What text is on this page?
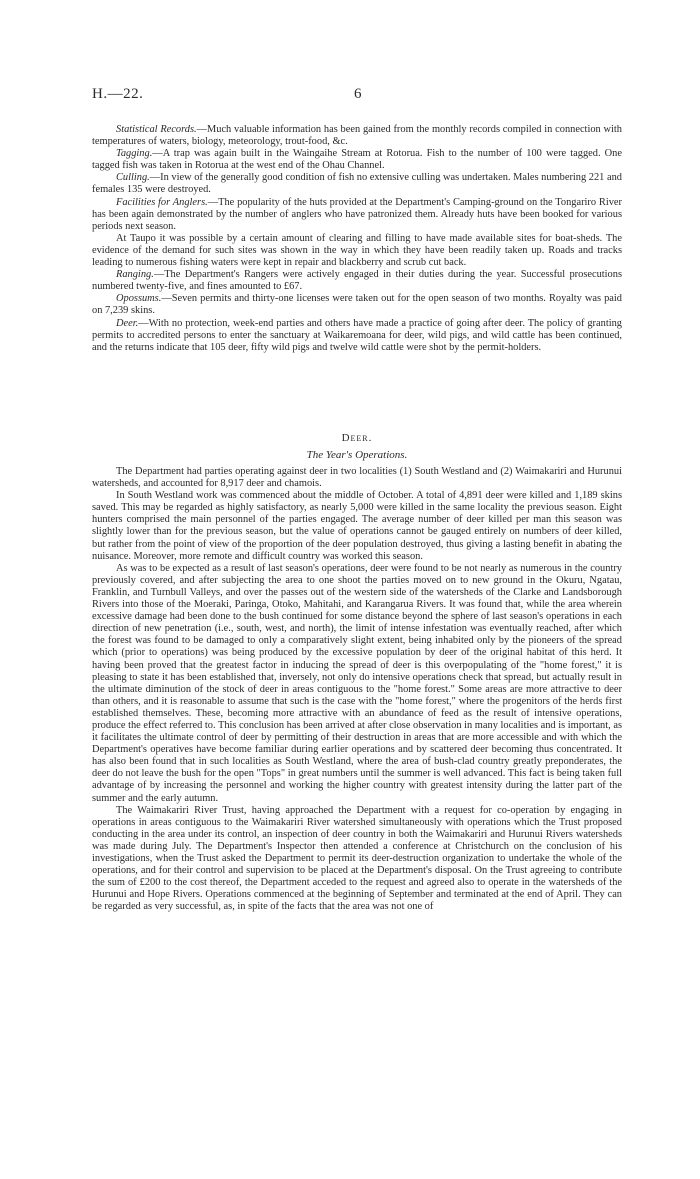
H.—22.	6

Statistical Records.—Much valuable information has been gained from the monthly records compiled in connection with temperatures of waters, biology, meteorology, trout-food, &c.

Tagging.—A trap was again built in the Waingaihe Stream at Rotorua. Fish to the number of 100 were tagged. One tagged fish was taken in Rotorua at the west end of the Ohau Channel.

Culling.—In view of the generally good condition of fish no extensive culling was undertaken. Males numbering 221 and females 135 were destroyed.

Facilities for Anglers.—The popularity of the huts provided at the Department's Camping-ground on the Tongariro River has been again demonstrated by the number of anglers who have patronized them. Already huts have been booked for various periods next season.

At Taupo it was possible by a certain amount of clearing and filling to have made available sites for boat-sheds. The evidence of the demand for such sites was shown in the way in which they have been readily taken up. Roads and tracks leading to numerous fishing waters were kept in repair and blackberry and scrub cut back.

Ranging.—The Department's Rangers were actively engaged in their duties during the year. Successful prosecutions numbered twenty-five, and fines amounted to £67.

Opossums.—Seven permits and thirty-one licenses were taken out for the open season of two months. Royalty was paid on 7,239 skins.

Deer.—With no protection, week-end parties and others have made a practice of going after deer. The policy of granting permits to accredited persons to enter the sanctuary at Waikaremoana for deer, wild pigs, and wild cattle has been continued, and the returns indicate that 105 deer, fifty wild pigs and twelve wild cattle were shot by the permit-holders.

Deer.
The Year's Operations.

The Department had parties operating against deer in two localities (1) South Westland and (2) Waimakariri and Hurunui watersheds, and accounted for 8,917 deer and chamois.

In South Westland work was commenced about the middle of October. A total of 4,891 deer were killed and 1,189 skins saved. This may be regarded as highly satisfactory, as nearly 5,000 were killed in the same locality the previous season. Eight hunters comprised the main personnel of the parties engaged. The average number of deer killed per man this season was slightly lower than for the previous season, but the value of operations cannot be gauged entirely on numbers of deer killed, but rather from the point of view of the proportion of the deer population destroyed, thus giving a lasting benefit in abating the nuisance. Moreover, more remote and difficult country was worked this season.

As was to be expected as a result of last season's operations, deer were found to be not nearly as numerous in the country previously covered, and after subjecting the area to one shoot the parties moved on to new ground in the Okuru, Ngatau, Franklin, and Turnbull Valleys, and over the passes out of the western side of the watersheds of the Clarke and Landsborough Rivers into those of the Moeraki, Paringa, Otoko, Mahitahi, and Karangarua Rivers. It was found that, while the area wherein excessive damage had been done to the bush continued for some distance beyond the sphere of last season's operations in each direction of new penetration (i.e., south, west, and north), the limit of intense infestation was eventually reached, after which the forest was found to be damaged to only a comparatively slight extent, being inhabited only by the pioneers of the spread which (prior to operations) was being produced by the excessive population by deer of the original habitat of this herd. It having been proved that the greatest factor in inducing the spread of deer is this overpopulating of the "home forest," it is pleasing to state it has been established that, inversely, not only do intensive operations check that spread, but actually result in the ultimate diminution of the stock of deer in areas contiguous to the "home forest." Some areas are more attractive to deer than others, and it is reasonable to assume that such is the case with the "home forest," where the progenitors of the herds first established themselves. These, becoming more attractive with an abundance of feed as the result of intensive operations, produce the effect referred to. This conclusion has been arrived at after close observation in many localities and is important, as it facilitates the ultimate control of deer by permitting of their destruction in areas that are more accessible and with which the Department's operatives have become familiar during earlier operations and by scattered deer becoming thus concentrated. It has also been found that in such localities as South Westland, where the area of bush-clad country greatly preponderates, the deer do not leave the bush for the open "Tops" in great numbers until the summer is well advanced. This fact is being taken full advantage of by increasing the personnel and working the higher country with greatest intensity during the latter part of the summer and the early autumn.

The Waimakariri River Trust, having approached the Department with a request for co-operation by engaging in operations in areas contiguous to the Waimakariri River watershed simultaneously with operations which the Trust proposed conducting in the area under its control, an inspection of deer country in both the Waimakariri and Hurunui Rivers watersheds was made during July. The Department's Inspector then attended a conference at Christchurch on the conclusion of his investigations, when the Trust asked the Department to permit its deer-destruction organization to undertake the whole of the operations, and for their control and supervision to be placed at the Department's disposal. On the Trust agreeing to contribute the sum of £200 to the cost thereof, the Department acceded to the request and agreed also to operate in the watersheds of the Hurunui and Hope Rivers. Operations commenced at the beginning of September and terminated at the end of April. They can be regarded as very successful, as, in spite of the facts that the area was not one of
